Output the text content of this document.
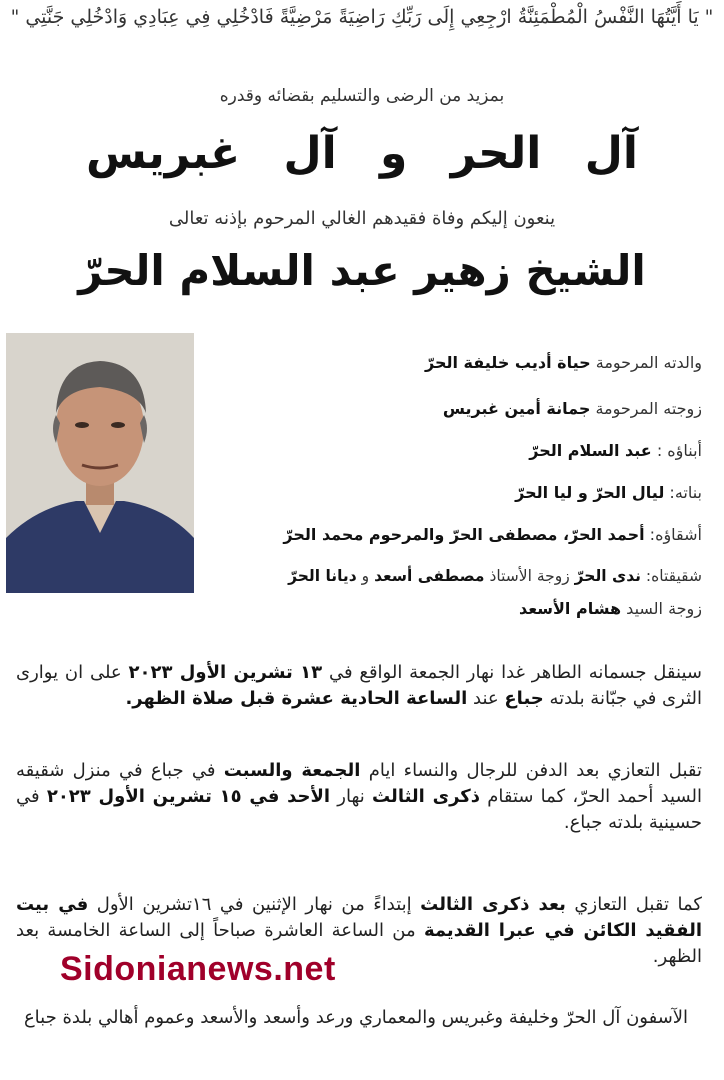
" يَا أَيَّتُهَا النَّفْسُ الْمُطْمَئِنَّةُ ارْجِعِي إِلَى رَبِّكِ رَاضِيَةً مَرْضِيَّةً فَادْخُلِي فِي عِبَادِي وَادْخُلِي جَنَّتِي "
بمزيد من الرضى والتسليم بقضائه وقدره
آل الحر و آل غبريس
ينعون إليكم وفاة فقيدهم الغالي المرحوم بإذنه تعالى
الشيخ زهير عبد السلام الحرّ
والدته المرحومة حياة أديب خليفة الحرّ
زوجته المرحومة جمانة أمين غبريس
أبناؤه : عبد السلام الحرّ
بناته: ليال الحرّ و ليا الحرّ
أشقاؤه: أحمد الحرّ، مصطفى الحرّ والمرحوم محمد الحرّ
شقيقتاه: ندى الحرّ زوجة الأستاذ مصطفى أسعد و ديانا الحرّ
زوجة السيد هشام الأسعد
سينقل جسمانه الطاهر غدا نهار الجمعة الواقع في ١٣ تشرين الأول ٢٠٢٣ على ان يوارى الثرى في جبّانة بلدته جباع عند الساعة الحادية عشرة قبل صلاة الظهر.
تقبل التعازي بعد الدفن للرجال والنساء ايام الجمعة والسبت في جباع في منزل شقيقه السيد أحمد الحرّ، كما ستقام ذكرى الثالث نهار الأحد في ١٥ تشرين الأول ٢٠٢٣ في حسينية بلدته جباع.
كما تقبل التعازي بعد ذكرى الثالث إبتداءً من نهار الإثنين في ١٦تشرين الأول في بيت الفقيد الكائن في عبرا القديمة من الساعة العاشرة صباحاً إلى الساعة الخامسة بعد الظهر.
Sidonianews.net
الآسفون آل الحرّ وخليفة وغبريس والمعماري ورعد وأسعد والأسعد وعموم أهالي بلدة جباع
